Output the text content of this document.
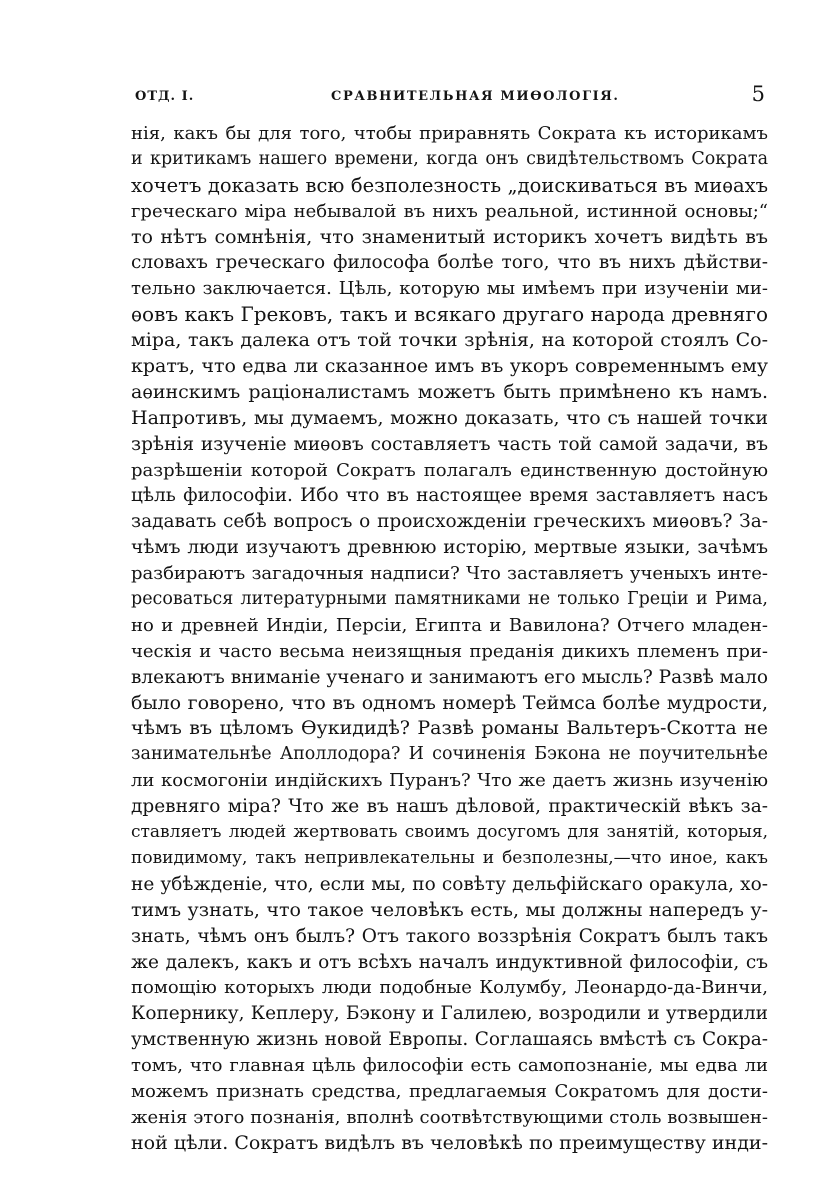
ОТД. I.	СРАВНИТЕЛЬНАЯ МИӨОЛОГІЯ.	5
нія, какъ бы для того, чтобы приравнять Сократа къ историкамъ
и критикамъ нашего времени, когда онъ свидѣтельствомъ Сократа
хочетъ доказать всю безполезность „доискиваться въ миѳахъ
греческаго міра небывалой въ нихъ реальной, истинной основы;“
то нѣтъ сомнѣнія, что знаменитый историкъ хочетъ видѣть въ
словахъ греческаго философа болѣе того, что въ нихъ дѣйстви-
тельно заключается. Цѣль, которую мы имѣемъ при изученіи ми-
ѳовъ какъ Грековъ, такъ и всякаго другаго народа древняго
міра, такъ далека отъ той точки зрѣнія, на которой стоялъ Со-
кратъ, что едва ли сказанное имъ въ укоръ современнымъ ему
аѳинскимъ раціоналистамъ можетъ быть примѣнено къ намъ.
Напротивъ, мы думаемъ, можно доказать, что съ нашей точки
зрѣнія изученіе миѳовъ составляетъ часть той самой задачи, въ
разрѣшеніи которой Сократъ полагалъ единственную достойную
цѣль философіи. Ибо что въ настоящее время заставляетъ насъ
задавать себѣ вопросъ о происхожденіи греческихъ миѳовъ? За-
чѣмъ люди изучаютъ древнюю исторію, мертвые языки, зачѣмъ
разбираютъ загадочныя надписи? Что заставляетъ ученыхъ инте-
ресоваться литературными памятниками не только Греціи и Рима,
но и древней Индіи, Персіи, Египта и Вавилона? Отчего младен-
ческія и часто весьма неизящныя преданія дикихъ племенъ при-
влекаютъ вниманіе ученаго и занимаютъ его мысль? Развѣ мало
было говорено, что въ одномъ номерѣ Теймса болѣе мудрости,
чѣмъ въ цѣломъ Ѳукидидѣ? Развѣ романы Вальтеръ-Скотта не
занимательнѣе Аполлодора? И сочиненія Бэкона не поучительнѣе
ли космогоніи индійскихъ Пуранъ? Что же даетъ жизнь изученію
древняго міра? Что же въ нашъ дѣловой, практическій вѣкъ за-
ставляетъ людей жертвовать своимъ досугомъ для занятій, которыя,
повидимому, такъ непривлекательны и безполезны,—что иное, какъ
не убѣжденіе, что, если мы, по совѣту дельфійскаго оракула, хо-
тимъ узнать, что такое человѣкъ есть, мы должны напередъ у-
знать, чѣмъ онъ былъ? Отъ такого воззрѣнія Сократъ былъ такъ
же далекъ, какъ и отъ всѣхъ началъ индуктивной философіи, съ
помощію которыхъ люди подобные Колумбу, Леонардо-да-Винчи,
Копернику, Кеплеру, Бэкону и Галилею, возродили и утвердили
умственную жизнь новой Европы. Соглашаясь вмѣстѣ съ Сокра-
томъ, что главная цѣль философіи есть самопознаніе, мы едва ли
можемъ признать средства, предлагаемыя Сократомъ для дости-
женія этого познанія, вполнѣ соотвѣтствующими столь возвышен-
ной цѣли. Сократъ видѣлъ въ человѣкѣ по преимуществу инди-
